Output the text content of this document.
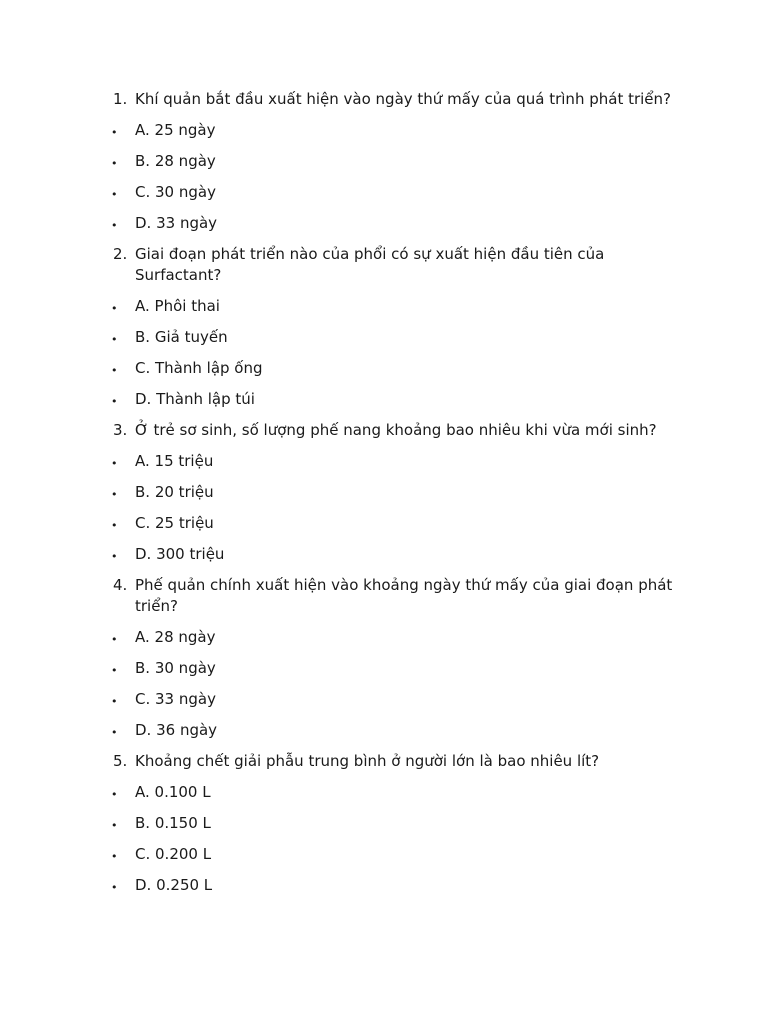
1. Khí quản bắt đầu xuất hiện vào ngày thứ mấy của quá trình phát triển?
•	A. 25 ngày
•	B. 28 ngày
•	C. 30 ngày
•	D. 33 ngày
2. Giai đoạn phát triển nào của phổi có sự xuất hiện đầu tiên của Surfactant?
•	A. Phôi thai
•	B. Giả tuyến
•	C. Thành lập ống
•	D. Thành lập túi
3. Ở trẻ sơ sinh, số lượng phế nang khoảng bao nhiêu khi vừa mới sinh?
•	A. 15 triệu
•	B. 20 triệu
•	C. 25 triệu
•	D. 300 triệu
4. Phế quản chính xuất hiện vào khoảng ngày thứ mấy của giai đoạn phát triển?
•	A. 28 ngày
•	B. 30 ngày
•	C. 33 ngày
•	D. 36 ngày
5. Khoảng chết giải phẫu trung bình ở người lớn là bao nhiêu lít?
•	A. 0.100 L
•	B. 0.150 L
•	C. 0.200 L
•	D. 0.250 L
